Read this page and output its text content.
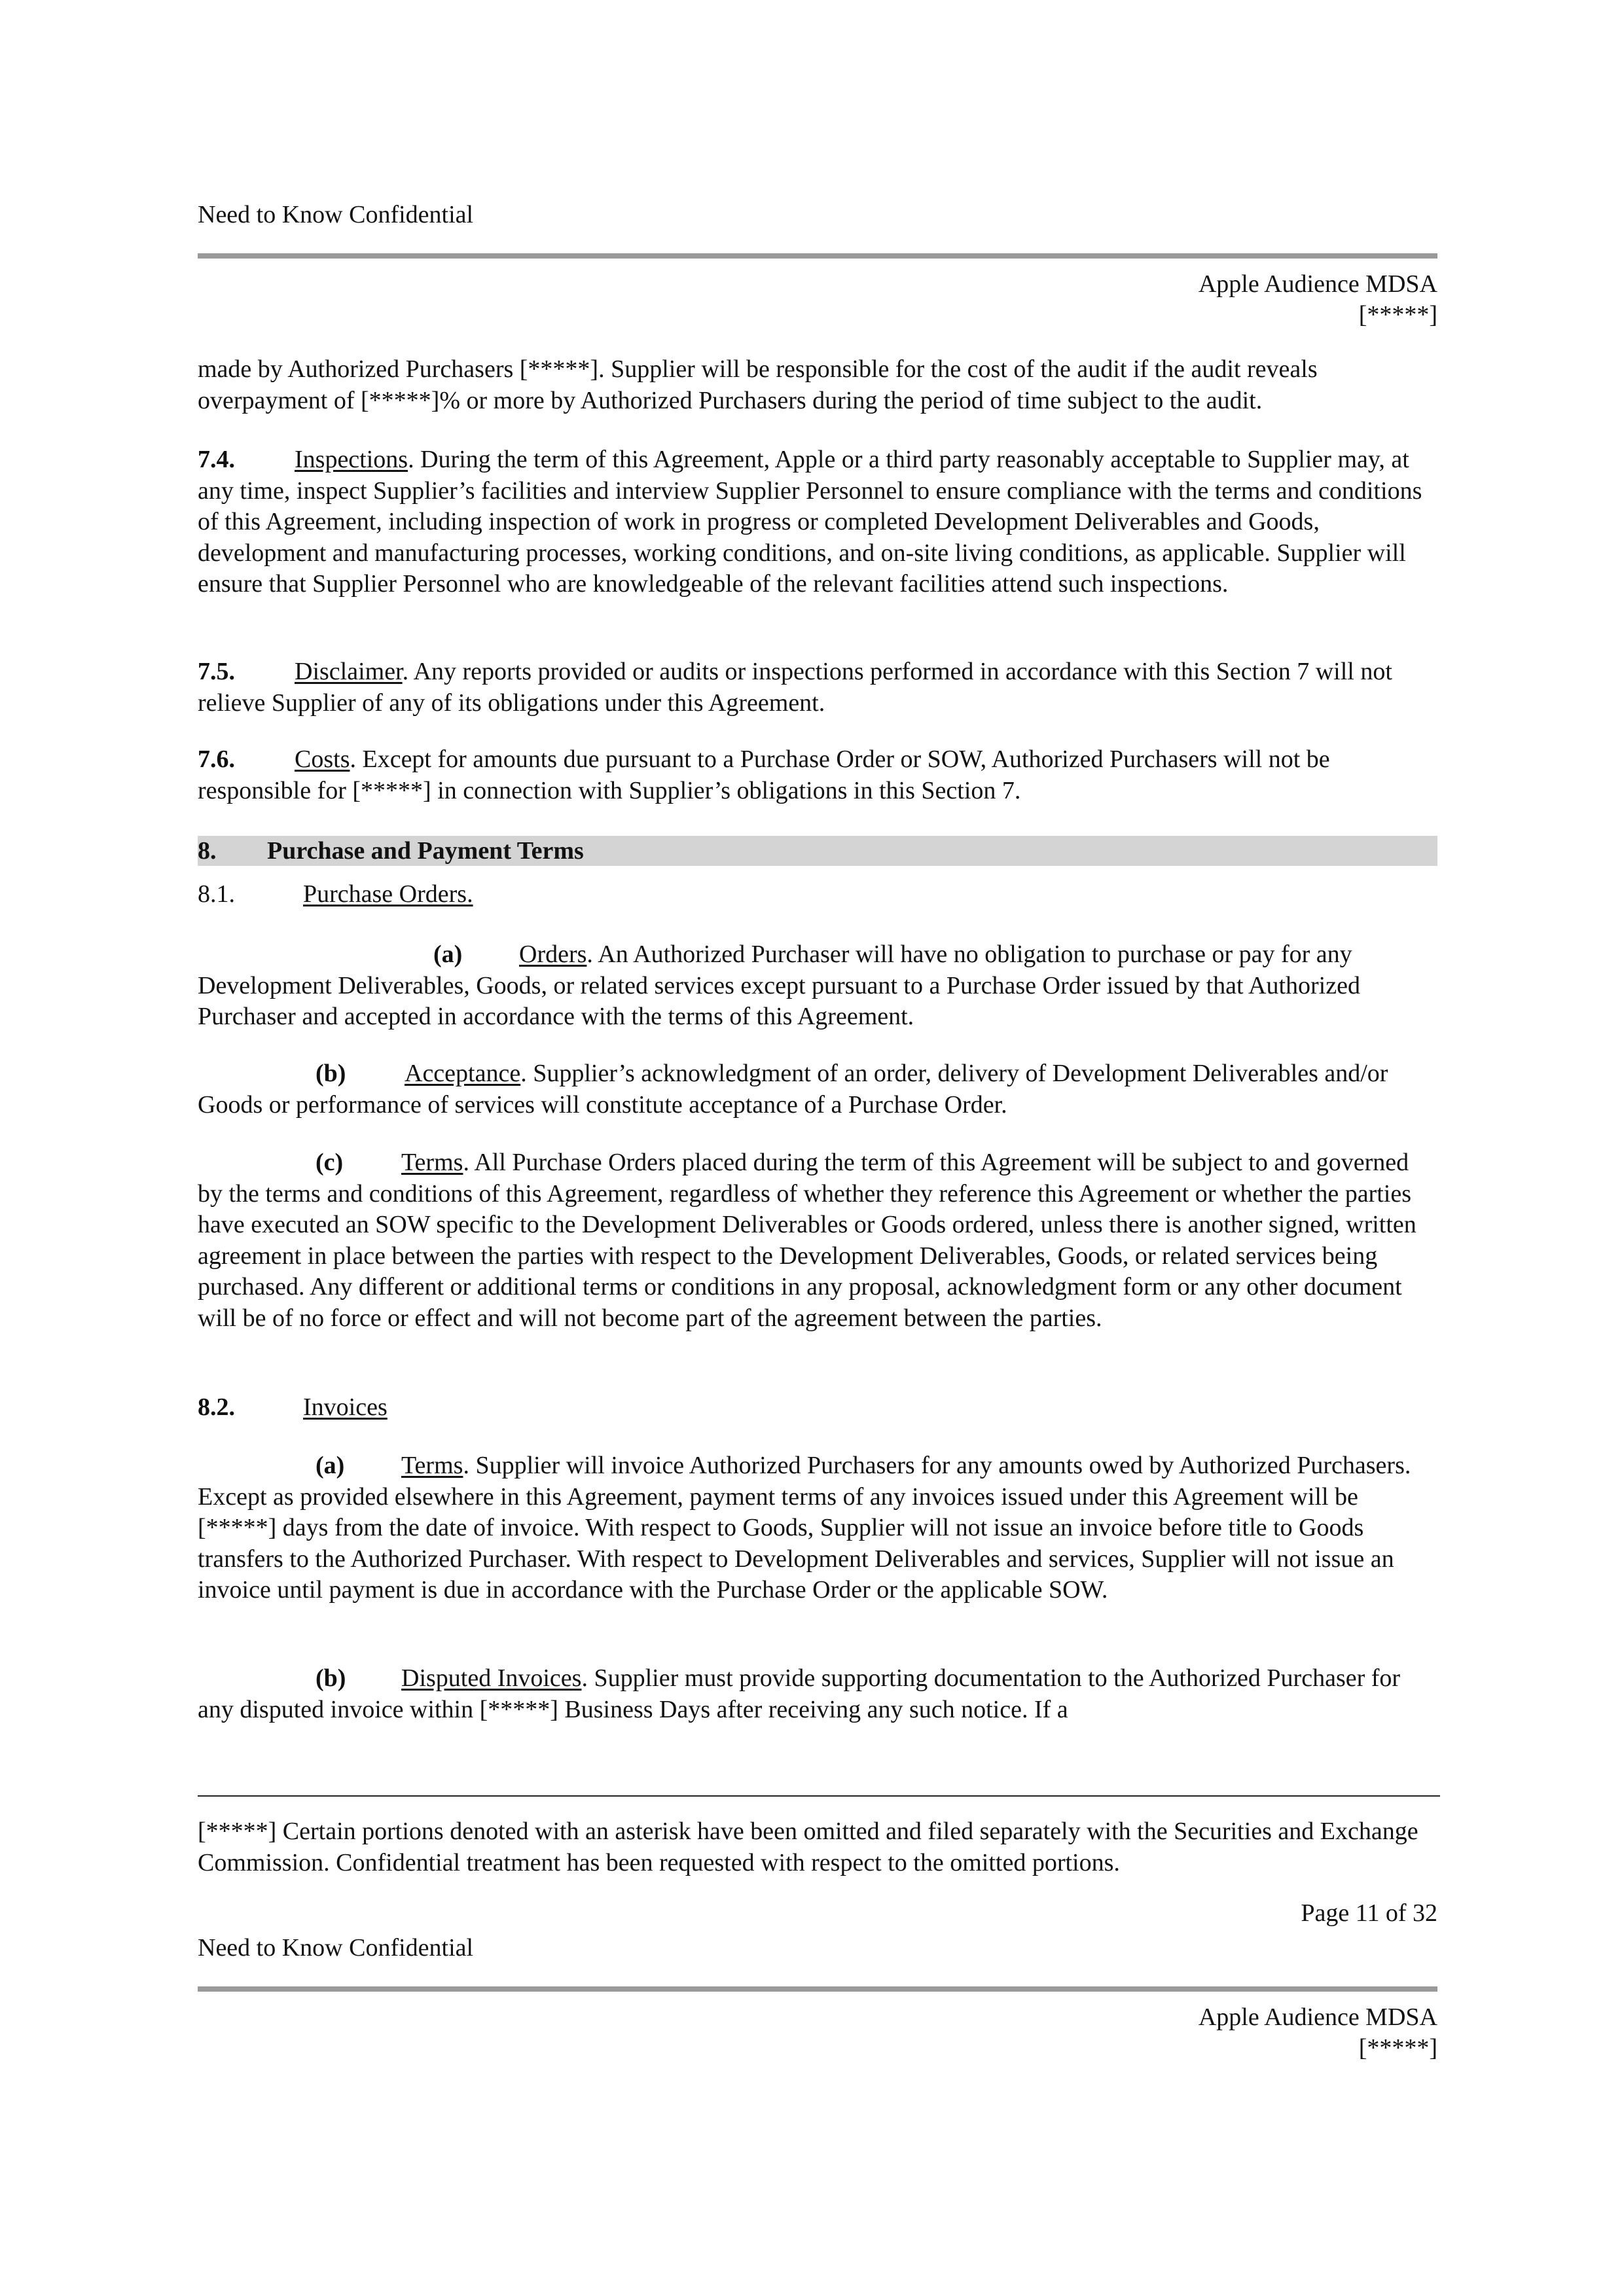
Need to Know Confidential
Apple Audience MDSA
[*****]
made by Authorized Purchasers [*****]. Supplier will be responsible for the cost of the audit if the audit reveals overpayment of [*****]% or more by Authorized Purchasers during the period of time subject to the audit.
7.4. Inspections. During the term of this Agreement, Apple or a third party reasonably acceptable to Supplier may, at any time, inspect Supplier’s facilities and interview Supplier Personnel to ensure compliance with the terms and conditions of this Agreement, including inspection of work in progress or completed Development Deliverables and Goods, development and manufacturing processes, working conditions, and on-site living conditions, as applicable. Supplier will ensure that Supplier Personnel who are knowledgeable of the relevant facilities attend such inspections.
7.5. Disclaimer. Any reports provided or audits or inspections performed in accordance with this Section 7 will not relieve Supplier of any of its obligations under this Agreement.
7.6. Costs. Except for amounts due pursuant to a Purchase Order or SOW, Authorized Purchasers will not be responsible for [*****] in connection with Supplier’s obligations in this Section 7.
8. Purchase and Payment Terms
8.1.	Purchase Orders.
(a) Orders. An Authorized Purchaser will have no obligation to purchase or pay for any Development Deliverables, Goods, or related services except pursuant to a Purchase Order issued by that Authorized Purchaser and accepted in accordance with the terms of this Agreement.
(b) Acceptance. Supplier’s acknowledgment of an order, delivery of Development Deliverables and/or Goods or performance of services will constitute acceptance of a Purchase Order.
(c) Terms. All Purchase Orders placed during the term of this Agreement will be subject to and governed by the terms and conditions of this Agreement, regardless of whether they reference this Agreement or whether the parties have executed an SOW specific to the Development Deliverables or Goods ordered, unless there is another signed, written agreement in place between the parties with respect to the Development Deliverables, Goods, or related services being purchased. Any different or additional terms or conditions in any proposal, acknowledgment form or any other document will be of no force or effect and will not become part of the agreement between the parties.
8.2.	Invoices
(a) Terms. Supplier will invoice Authorized Purchasers for any amounts owed by Authorized Purchasers. Except as provided elsewhere in this Agreement, payment terms of any invoices issued under this Agreement will be [*****] days from the date of invoice. With respect to Goods, Supplier will not issue an invoice before title to Goods transfers to the Authorized Purchaser. With respect to Development Deliverables and services, Supplier will not issue an invoice until payment is due in accordance with the Purchase Order or the applicable SOW.
(b) Disputed Invoices. Supplier must provide supporting documentation to the Authorized Purchaser for any disputed invoice within [*****] Business Days after receiving any such notice. If a
[*****] Certain portions denoted with an asterisk have been omitted and filed separately with the Securities and Exchange Commission. Confidential treatment has been requested with respect to the omitted portions.
Page 11 of 32
Need to Know Confidential
Apple Audience MDSA
[*****]
